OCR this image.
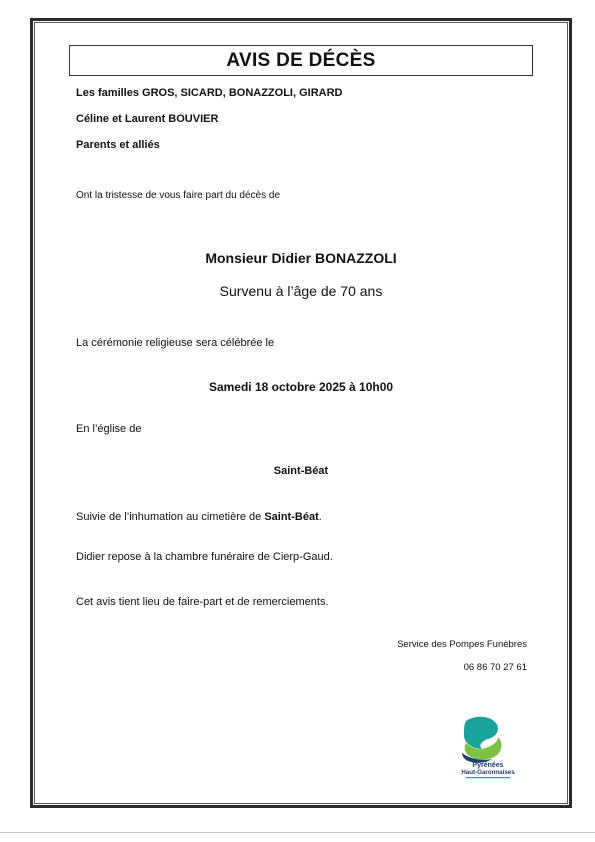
AVIS DE DÉCÈS
Les familles GROS, SICARD, BONAZZOLI, GIRARD
Céline et Laurent BOUVIER
Parents et alliés
Ont la tristesse de vous faire part du décès de
Monsieur Didier BONAZZOLI
Survenu à l’âge de 70 ans
La cérémonie religieuse sera célébrée le
Samedi 18 octobre 2025 à 10h00
En l’église de
Saint-Béat
Suivie de l’inhumation au cimetière de Saint-Béat.
Didier repose à la chambre funéraire de Cierp-Gaud.
Cet avis tient lieu de faire-part et de remerciements.
Service des Pompes Funèbres
06 86 70 27 61
Pyrénées
Haut-Garonnaises
